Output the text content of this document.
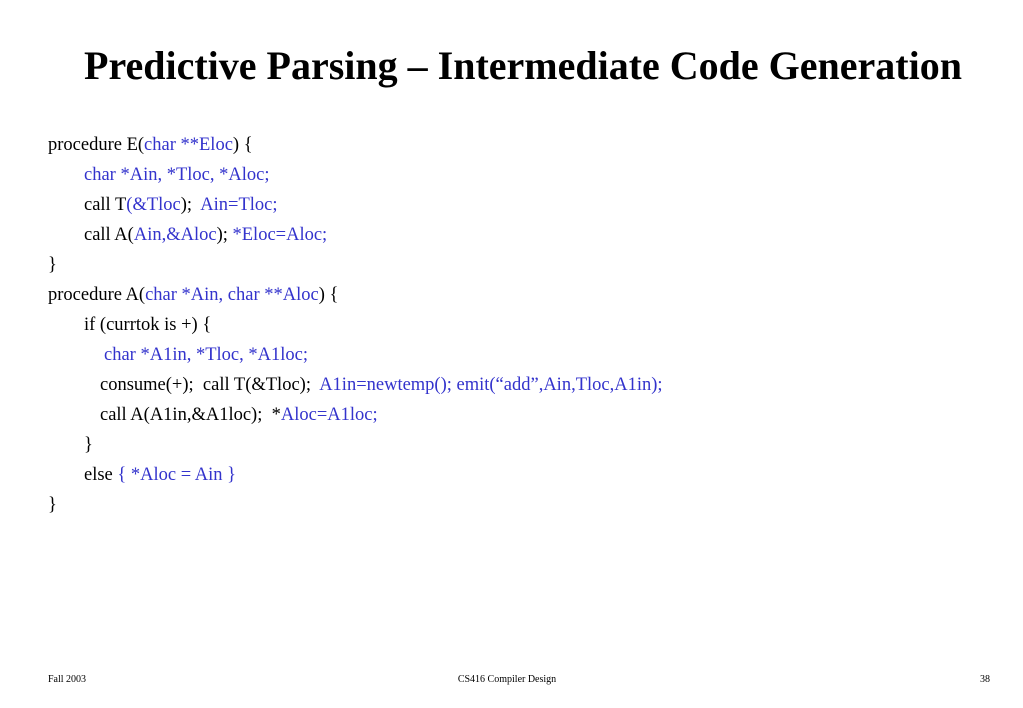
Predictive Parsing – Intermediate Code Generation
procedure E(char **Eloc) {
char *Ain, *Tloc, *Aloc;
call T(&Tloc);  Ain=Tloc;
call A(Ain,&Aloc); *Eloc=Aloc;
}
procedure A(char *Ain, char **Aloc) {
if (currtok is +) {
char *A1in, *Tloc, *A1loc;
consume(+);  call T(&Tloc);  A1in=newtemp(); emit(“add”,Ain,Tloc,A1in);
call A(A1in,&A1loc);  *Aloc=A1loc;
}
else { *Aloc = Ain }
}
Fall 2003	CS416 Compiler Design	38
